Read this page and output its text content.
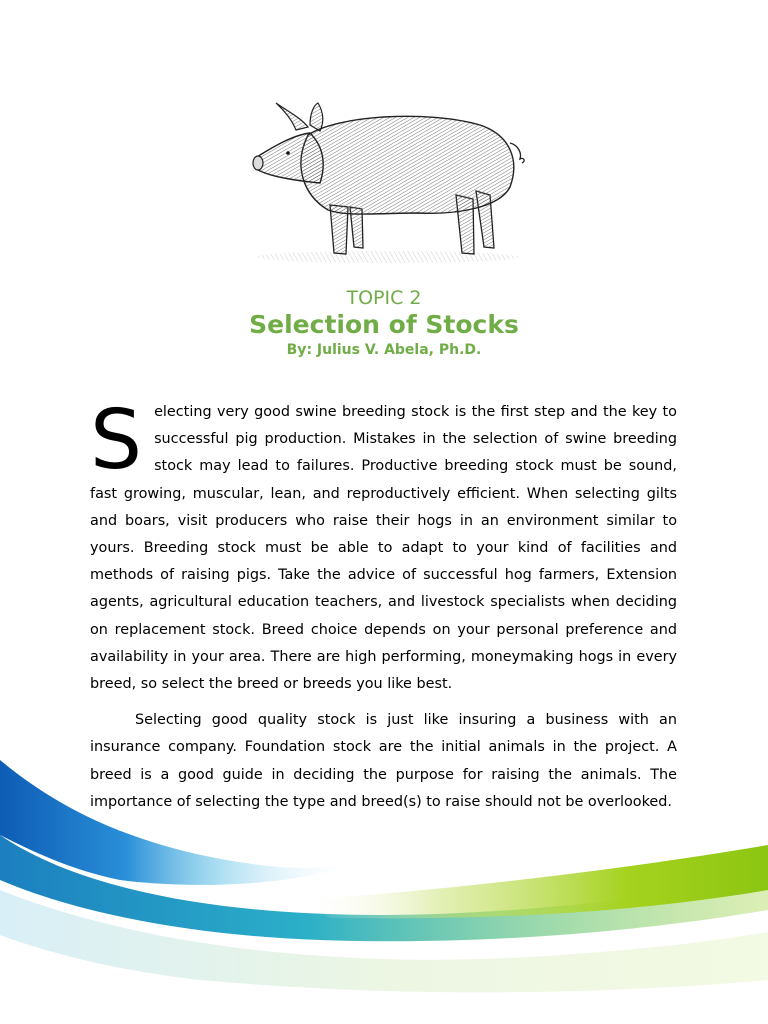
TOPIC 2
Selection of Stocks
By: Julius V. Abela, Ph.D.

Selecting very good swine breeding stock is the first step and the key to successful pig production. Mistakes in the selection of swine breeding stock may lead to failures. Productive breeding stock must be sound, fast growing, muscular, lean, and reproductively efficient. When selecting gilts and boars, visit producers who raise their hogs in an environment similar to yours. Breeding stock must be able to adapt to your kind of facilities and methods of raising pigs. Take the advice of successful hog farmers, Extension agents, agricultural education teachers, and livestock specialists when deciding on replacement stock. Breed choice depends on your personal preference and availability in your area. There are high performing, moneymaking hogs in every breed, so select the breed or breeds you like best.

Selecting good quality stock is just like insuring a business with an insurance company. Foundation stock are the initial animals in the project. A breed is a good guide in deciding the purpose for raising the animals. The importance of selecting the type and breed(s) to raise should not be overlooked.
